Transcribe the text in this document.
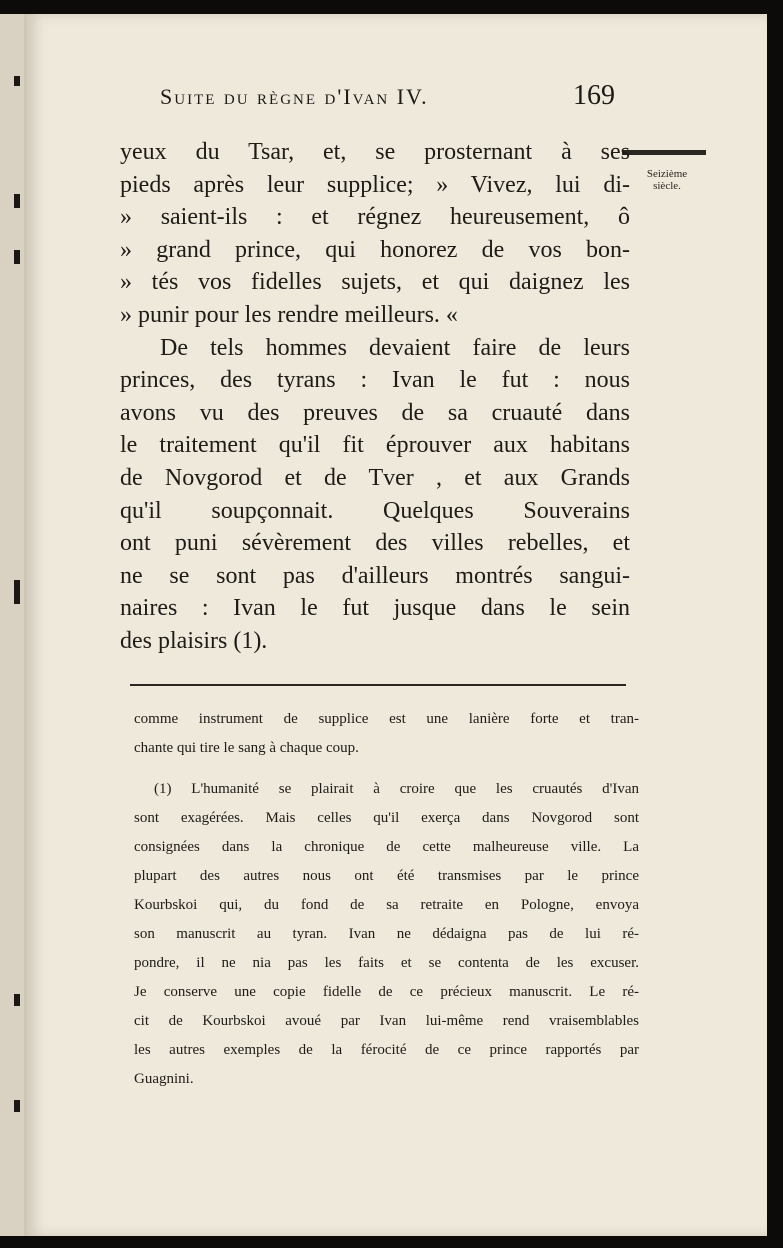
Suite du règne d'Ivan IV.	169
Seizième
siècle.
yeux du Tsar, et, se prosternant à ses
pieds après leur supplice; » Vivez, lui di-
» saient-ils : et régnez heureusement, ô
» grand prince, qui honorez de vos bon-
» tés vos fidelles sujets, et qui daignez les
» punir pour les rendre meilleurs. «
De tels hommes devaient faire de leurs
princes, des tyrans : Ivan le fut : nous
avons vu des preuves de sa cruauté dans
le traitement qu'il fit éprouver aux habitans
de Novgorod et de Tver , et aux Grands
qu'il soupçonnait. Quelques Souverains
ont puni sévèrement des villes rebelles, et
ne se sont pas d'ailleurs montrés sangui-
naires : Ivan le fut jusque dans le sein
des plaisirs (1).
comme instrument de supplice est une lanière forte et tran-
chante qui tire le sang à chaque coup.
(1) L'humanité se plairait à croire que les cruautés d'Ivan
sont exagérées. Mais celles qu'il exerça dans Novgorod sont
consignées dans la chronique de cette malheureuse ville. La
plupart des autres nous ont été transmises par le prince
Kourbskoi qui, du fond de sa retraite en Pologne, envoya
son manuscrit au tyran. Ivan ne dédaigna pas de lui ré-
pondre, il ne nia pas les faits et se contenta de les excuser.
Je conserve une copie fidelle de ce précieux manuscrit. Le ré-
cit de Kourbskoi avoué par Ivan lui-même rend vraisemblables
les autres exemples de la férocité de ce prince rapportés par
Guagnini.
